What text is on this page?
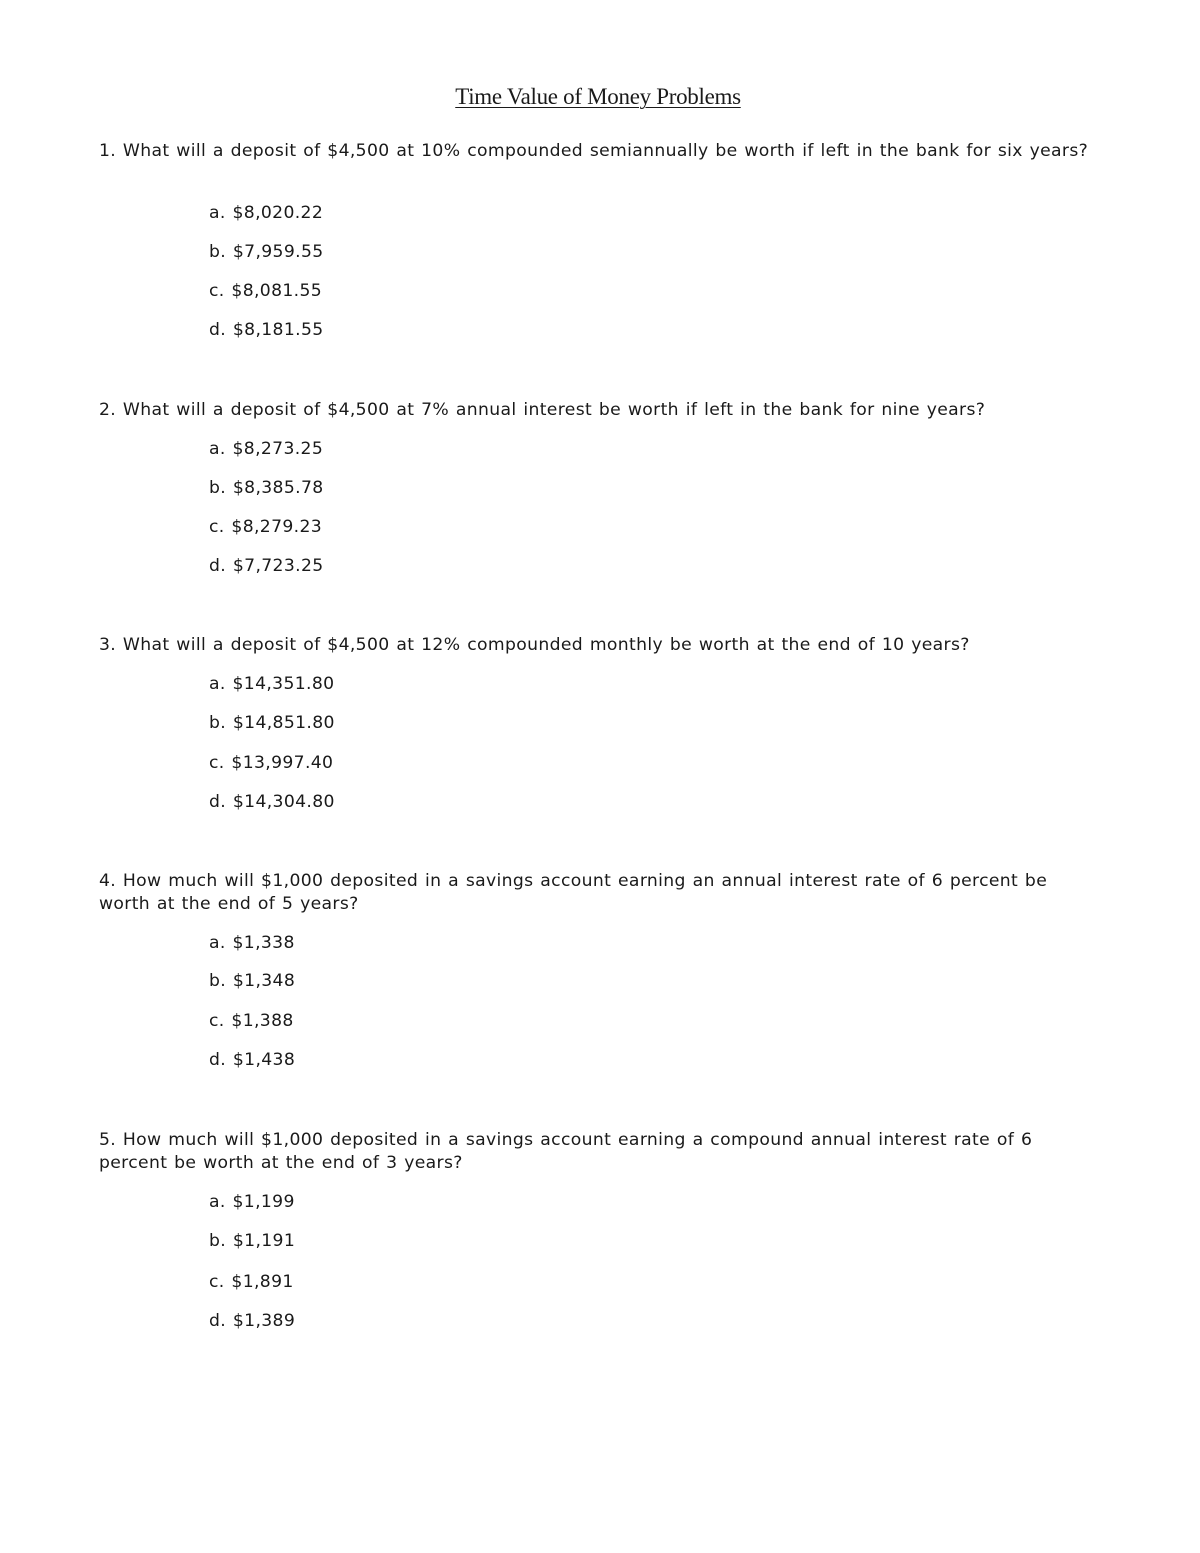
Time Value of Money Problems

1. What will a deposit of $4,500 at 10% compounded semiannually be worth if left in the bank for six years?

a. $8,020.22
b. $7,959.55
c. $8,081.55
d. $8,181.55

2. What will a deposit of $4,500 at 7% annual interest be worth if left in the bank for nine years?

a. $8,273.25
b. $8,385.78
c. $8,279.23
d. $7,723.25

3. What will a deposit of $4,500 at 12% compounded monthly be worth at the end of 10 years?

a. $14,351.80
b. $14,851.80
c. $13,997.40
d. $14,304.80

4. How much will $1,000 deposited in a savings account earning an annual interest rate of 6 percent be worth at the end of 5 years?

a. $1,338
b. $1,348
c. $1,388
d. $1,438

5. How much will $1,000 deposited in a savings account earning a compound annual interest rate of 6 percent be worth at the end of 3 years?

a. $1,199
b. $1,191
c. $1,891
d. $1,389
